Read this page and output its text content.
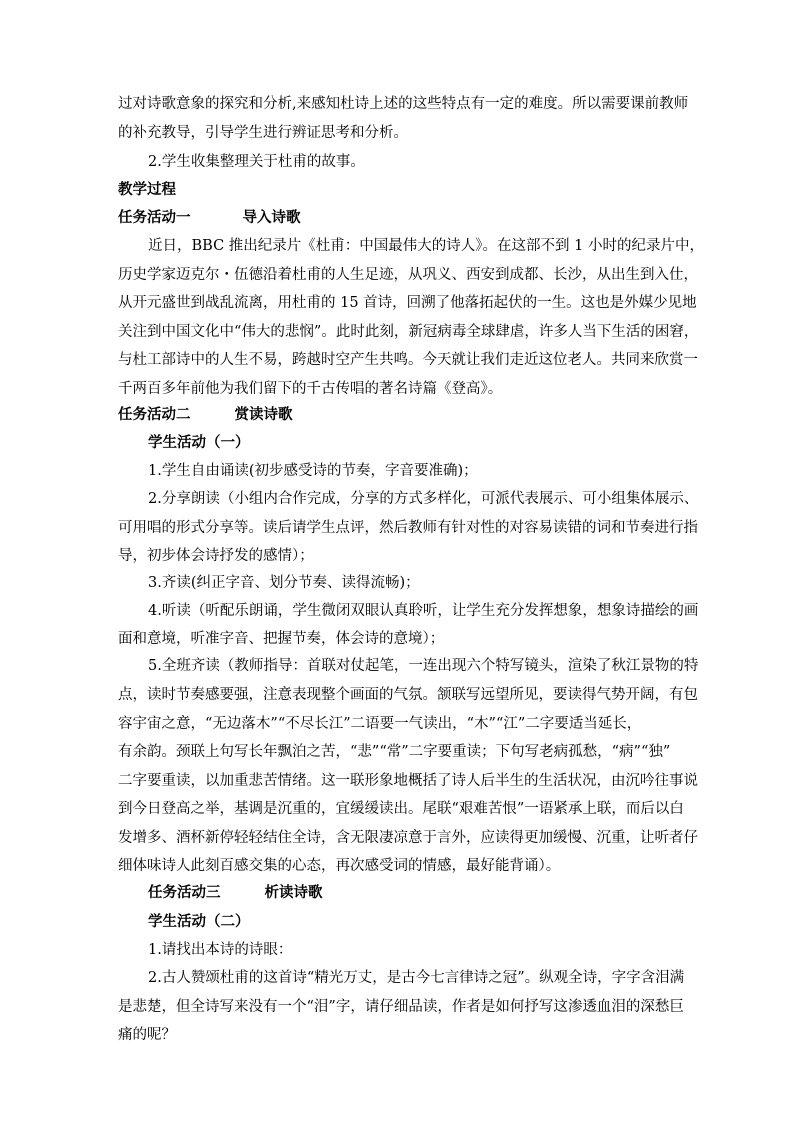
过对诗歌意象的探究和分析,来感知杜诗上述的这些特点有一定的难度。所以需要课前教师
的补充教导，引导学生进行辨证思考和分析。
2.学生收集整理关于杜甫的故事。
教学过程
任务活动一	导入诗歌
近日，BBC 推出纪录片《杜甫：中国最伟大的诗人》。在这部不到 1 小时的纪录片中，
历史学家迈克尔・伍德沿着杜甫的人生足迹，从巩义、西安到成都、长沙，从出生到入仕，
从开元盛世到战乱流离，用杜甫的 15 首诗，回溯了他落拓起伏的一生。这也是外媒少见地
关注到中国文化中“伟大的悲悯”。此时此刻，新冠病毒全球肆虐，许多人当下生活的困窘，
与杜工部诗中的人生不易，跨越时空产生共鸣。今天就让我们走近这位老人。共同来欣赏一
千两百多年前他为我们留下的千古传唱的著名诗篇《登高》。
任务活动二	赏读诗歌
学生活动（一）
1.学生自由诵读(初步感受诗的节奏，字音要准确)；
2.分享朗读（小组内合作完成，分享的方式多样化，可派代表展示、可小组集体展示、
可用唱的形式分享等。读后请学生点评，然后教师有针对性的对容易读错的词和节奏进行指
导，初步体会诗抒发的感情）；
3.齐读(纠正字音、划分节奏、读得流畅)；
4.听读（听配乐朗诵，学生微闭双眼认真聆听，让学生充分发挥想象，想象诗描绘的画
面和意境，听准字音、把握节奏，体会诗的意境）；
5.全班齐读（教师指导：首联对仗起笔，一连出现六个特写镜头，渲染了秋江景物的特
点，读时节奏感要强，注意表现整个画面的气氛。颔联写远望所见，要读得气势开阔，有包
容宇宙之意，“无边落木”“不尽长江”二语要一气读出，“木”“江”二字要适当延长，
有余韵。颈联上句写长年飘泊之苦，“悲”“常”二字要重读；下句写老病孤愁，“病”“独”
二字要重读，以加重悲苦情绪。这一联形象地概括了诗人后半生的生活状况，由沉吟往事说
到今日登高之举，基调是沉重的，宜缓缓读出。尾联“艰难苦恨”一语紧承上联，而后以白
发增多、酒杯新停轻轻结住全诗，含无限凄凉意于言外，应读得更加缓慢、沉重，让听者仔
细体味诗人此刻百感交集的心态，再次感受词的情感，最好能背诵）。
任务活动三	析读诗歌
学生活动（二）
1.请找出本诗的诗眼：
2.古人赞颂杜甫的这首诗“精光万丈，是古今七言律诗之冠”。纵观全诗，字字含泪满
是悲楚，但全诗写来没有一个“泪”字，请仔细品读，作者是如何抒写这渗透血泪的深愁巨
痛的呢？
